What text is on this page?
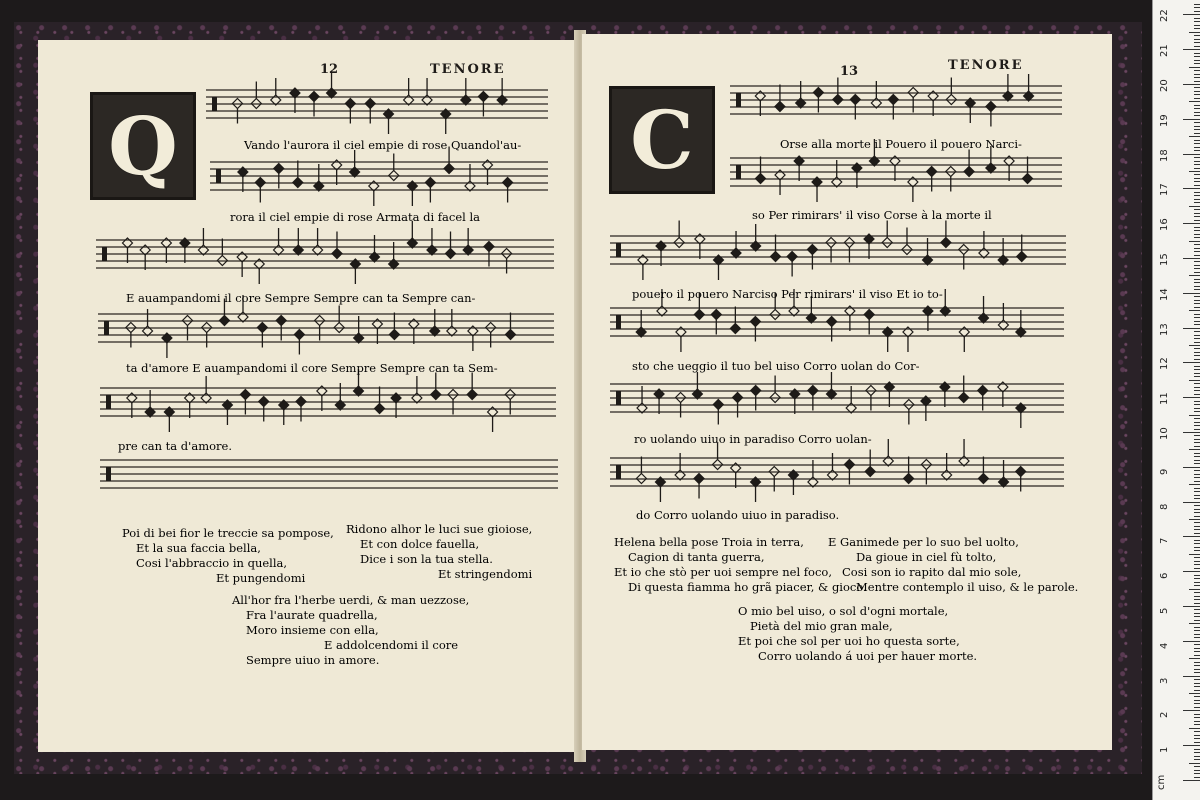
12	TENORE
Q
13	TENORE
C
Vando l'aurora il ciel empie di rose Quandol'au-
rora il ciel empie di rose Armata di facel la
E auampandomi il core Sempre Sempre can ta Sempre can-
ta d'amore E auampandomi il core Sempre Sempre can ta Sem-
pre can ta d'amore.
Orse alla morte il Pouero il pouero Narci-
so Per rimirars' il viso Corse à la morte il
pouero il pouero Narciso Per rimirars' il viso Et io to-
sto che ueggio il tuo bel uiso Corro uolan do Cor-
ro uolando uiuo in paradiso Corro uolan-
do Corro uolando uiuo in paradiso.
Poi di bei fior le treccie sa pompose,
Et la sua faccia bella,
Cosi l'abbraccio in quella,
Et pungendomi
Ridono alhor le luci sue gioiose,
Et con dolce fauella,
Dice i son la tua stella.
Et stringendomi
All'hor fra l'herbe uerdi, & man uezzose,
Fra l'aurate quadrella,
Moro insieme con ella,
E addolcendomi il core
Sempre uiuo in amore.
Helena bella pose Troia in terra,
Cagion di tanta guerra,
Et io che stò per uoi sempre nel foco,
Di questa fiamma ho grã piacer, & gioco.
E Ganimede per lo suo bel uolto,
Da gioue in ciel fù tolto,
Cosi son io rapito dal mio sole,
Mentre contemplo il uiso, & le parole.
O mio bel uiso, o sol d'ogni mortale,
Pietà del mio gran male,
Et poi che sol per uoi ho questa sorte,
Corro uolando á uoi per hauer morte.
cm
1
2
3
4
5
6
7
8
9
10
11
12
13
14
15
16
17
18
19
20
21
22
